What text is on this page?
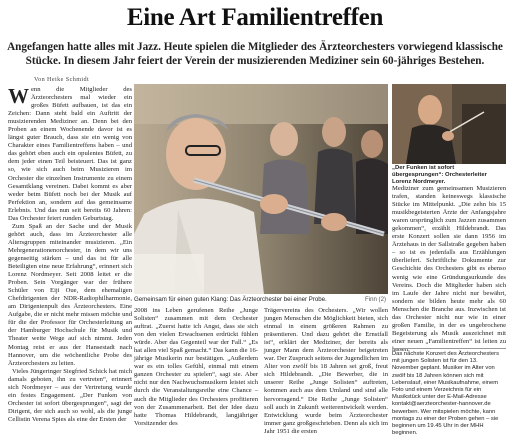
Eine Art Familientreffen
Angefangen hatte alles mit Jazz. Heute spielen die Mitglieder des Ärzteorchesters vorwiegend klassische Stücke. In diesem Jahr feiert der Verein der musizierenden Mediziner sein 60-jähriges Bestehen.
Von Heike Schmidt

Wenn die Mitglieder des Ärzteorchesters mal wieder ein großes Büfett aufbauen, ist das ein Zeichen: Dann steht bald ein Auftritt der musizierenden Mediziner an. Denn bei den Proben an einem Wochenende davor ist es längst guter Brauch, dass sie ein wenig von Charakter eines Familientreffens haben – und das gehört eben auch ein opulentes Büfett, zu dem jeder einen Teil beisteuert. Das ist ganz so, wie sich auch beim Musizieren im Orchester die einzelnen Instrumente zu einem Gesamtklang vereinen. Dabei kommt es aber weder beim Büfett noch bei der Musik auf Perfektion an, sondern auf das gemeinsame Erlebnis. Und das nun seit bereits 60 Jahren: Das Orchester feiert runden Geburtstag.

Zum Spaß an der Sache und der Musik gehört auch, dass im Ärzteorchester alle Altersgruppen miteinander musizieren. „Ein Mehrgenerationenorchester, in dem wir uns gegenseitig stärken – und das ist für alle Beteiligten eine neue Erfahrung“, erinnert sich Lorenz Nordmeyer. Seit 2008 leitet er die Proben. Sein Vorgänger war der frühere Schüler von Eiji Oue, dem ehemaligen Chefdirigenten der NDR-Radiophilharmonie, am Dirigentenpult des Ärzteorchesters. Eine Aufgabe, die er nicht mehr missen möchte und für die der Professor für Orchesterleitung an der Hamburger Hochschule für Musik und Theater weite Wege auf sich nimmt. Jeden Montag reist er aus der Hansestadt nach Hannover, um die wöchentliche Probe des Ärzteorchesters zu leiten.

Vieles Jüngeringer Siegfried Schick hat mich damals geboten, ihn zu vertreten“, erinnert sich Nordmeyer – aus der Vertretung wurde ein festes Engagement. „Der Funken von Orchester ist sofort übergesprungen“, sagt der Dirigent, der sich auch so wohl, als die junge Cellistin Verena Spies als eine der Ersten der

Gemeinsam für einen guten Klang: Das Ärzteorchester bei einer Probe.	Finn (2)
2008 ins Leben gerufenen Reihe „Junge Solisten“ zusammen mit dem Orchester auftrat. „Zuerst hatte ich Angst, dass sie sich von den vielen Erwachsenen erdrückt fühlen würde. Aber das Gegenteil war der Fall.“ „Es hat allen viel Spaß gemacht.“ Das kann die 16-jährige Musikerin nur bestätigen. „Außerdem war es ein tolles Gefühl, einmal mit einem ganzen Orchester zu spielen“, sagt sie. Aber nicht nur den Nachwuchsmusikern leistet sich durch die Veranstaltungsreihe eine Chance – auch die Mitglieder des Orchesters profitieren von der Zusammenarbeit. Bei der Idee dazu hatte Thomas Hildebrandt, langjähriger Vorsitzender des
Trägervereins des Orchesters. „Wir wollen jungen Menschen die Möglichkeit bieten, sich einmal in einem größeren Rahmen zu präsentieren. Und dazu gehört die Ernstfall ist“, erklärt der Mediziner, der bereits als junger Mann dem Ärzteorchester beigetreten war. Der Zuspruch seitens der Jugendlichen im Alter von zwölf bis 18 Jahren sei groß, freut sich Hildebrandt. „Die Bewerber, die in unserer Reihe „Junge Solisten“ auftreten, kommen auch aus dem Umland und sind alle hervorragend.“ Die Reihe „Junge Solisten“ soll auch in Zukunft weiterentwickelt werden. Entwicklung wurde beim Ärzteorchester immer ganz großgeschrieben. Denn als sich im Jahr 1951 die ersten
„Der Funken ist sofort übergesprungen“: Orchesterleiter Lorenz Nordmeyer.
Mediziner zum gemeinsamen Musizieren trafen, standen keineswegs klassische Stücke im Mittelpunkt. „Die zehn bis 15 musikbegeisterten Ärzte der Anfangsjahre waren ursprünglich zum Jazzen zusammen gekommen“, erzählt Hildebrandt. Das erste Konzert sollen sie dann 1956 im Ärztehaus in der Sallstraße gegeben haben – so ist es jedenfalls aus Erzählungen überliefert. Schriftliche Dokumente zur Geschichte des Orchesters gibt es ebenso wenig wie eine Gründungsurkunde des Vereins. Doch die Mitglieder haben sich im Laufe der Jahre nicht nur bewährt, sondern sie bilden heute mehr als 60 Menschen die Branche aus. Inzwischen ist das Orchester nicht nur wie in einer großen Familie, in der es ungebrochene Begeisterung als Musik auszeichnet mit einer neuen „Familientreffen“ ist leiten zu lassen.
Das nächste Konzert des Ärzteorchesters mit jungen Solisten ist für den 13. November geplant. Musiker im Alter von zwölf bis 18 Jahren können sich mit Lebenslauf, einer Musikaufnahme, einem Foto und einem Verzeichnis für ein Musikstück unter der E-Mail-Adresse kontakt@aerzteorchester-hannover.de bewerben. Wer mitspielen möchte, kann montags zu einer der Proben gehen – sie beginnen um 19.45 Uhr in der MHH beginnen.
